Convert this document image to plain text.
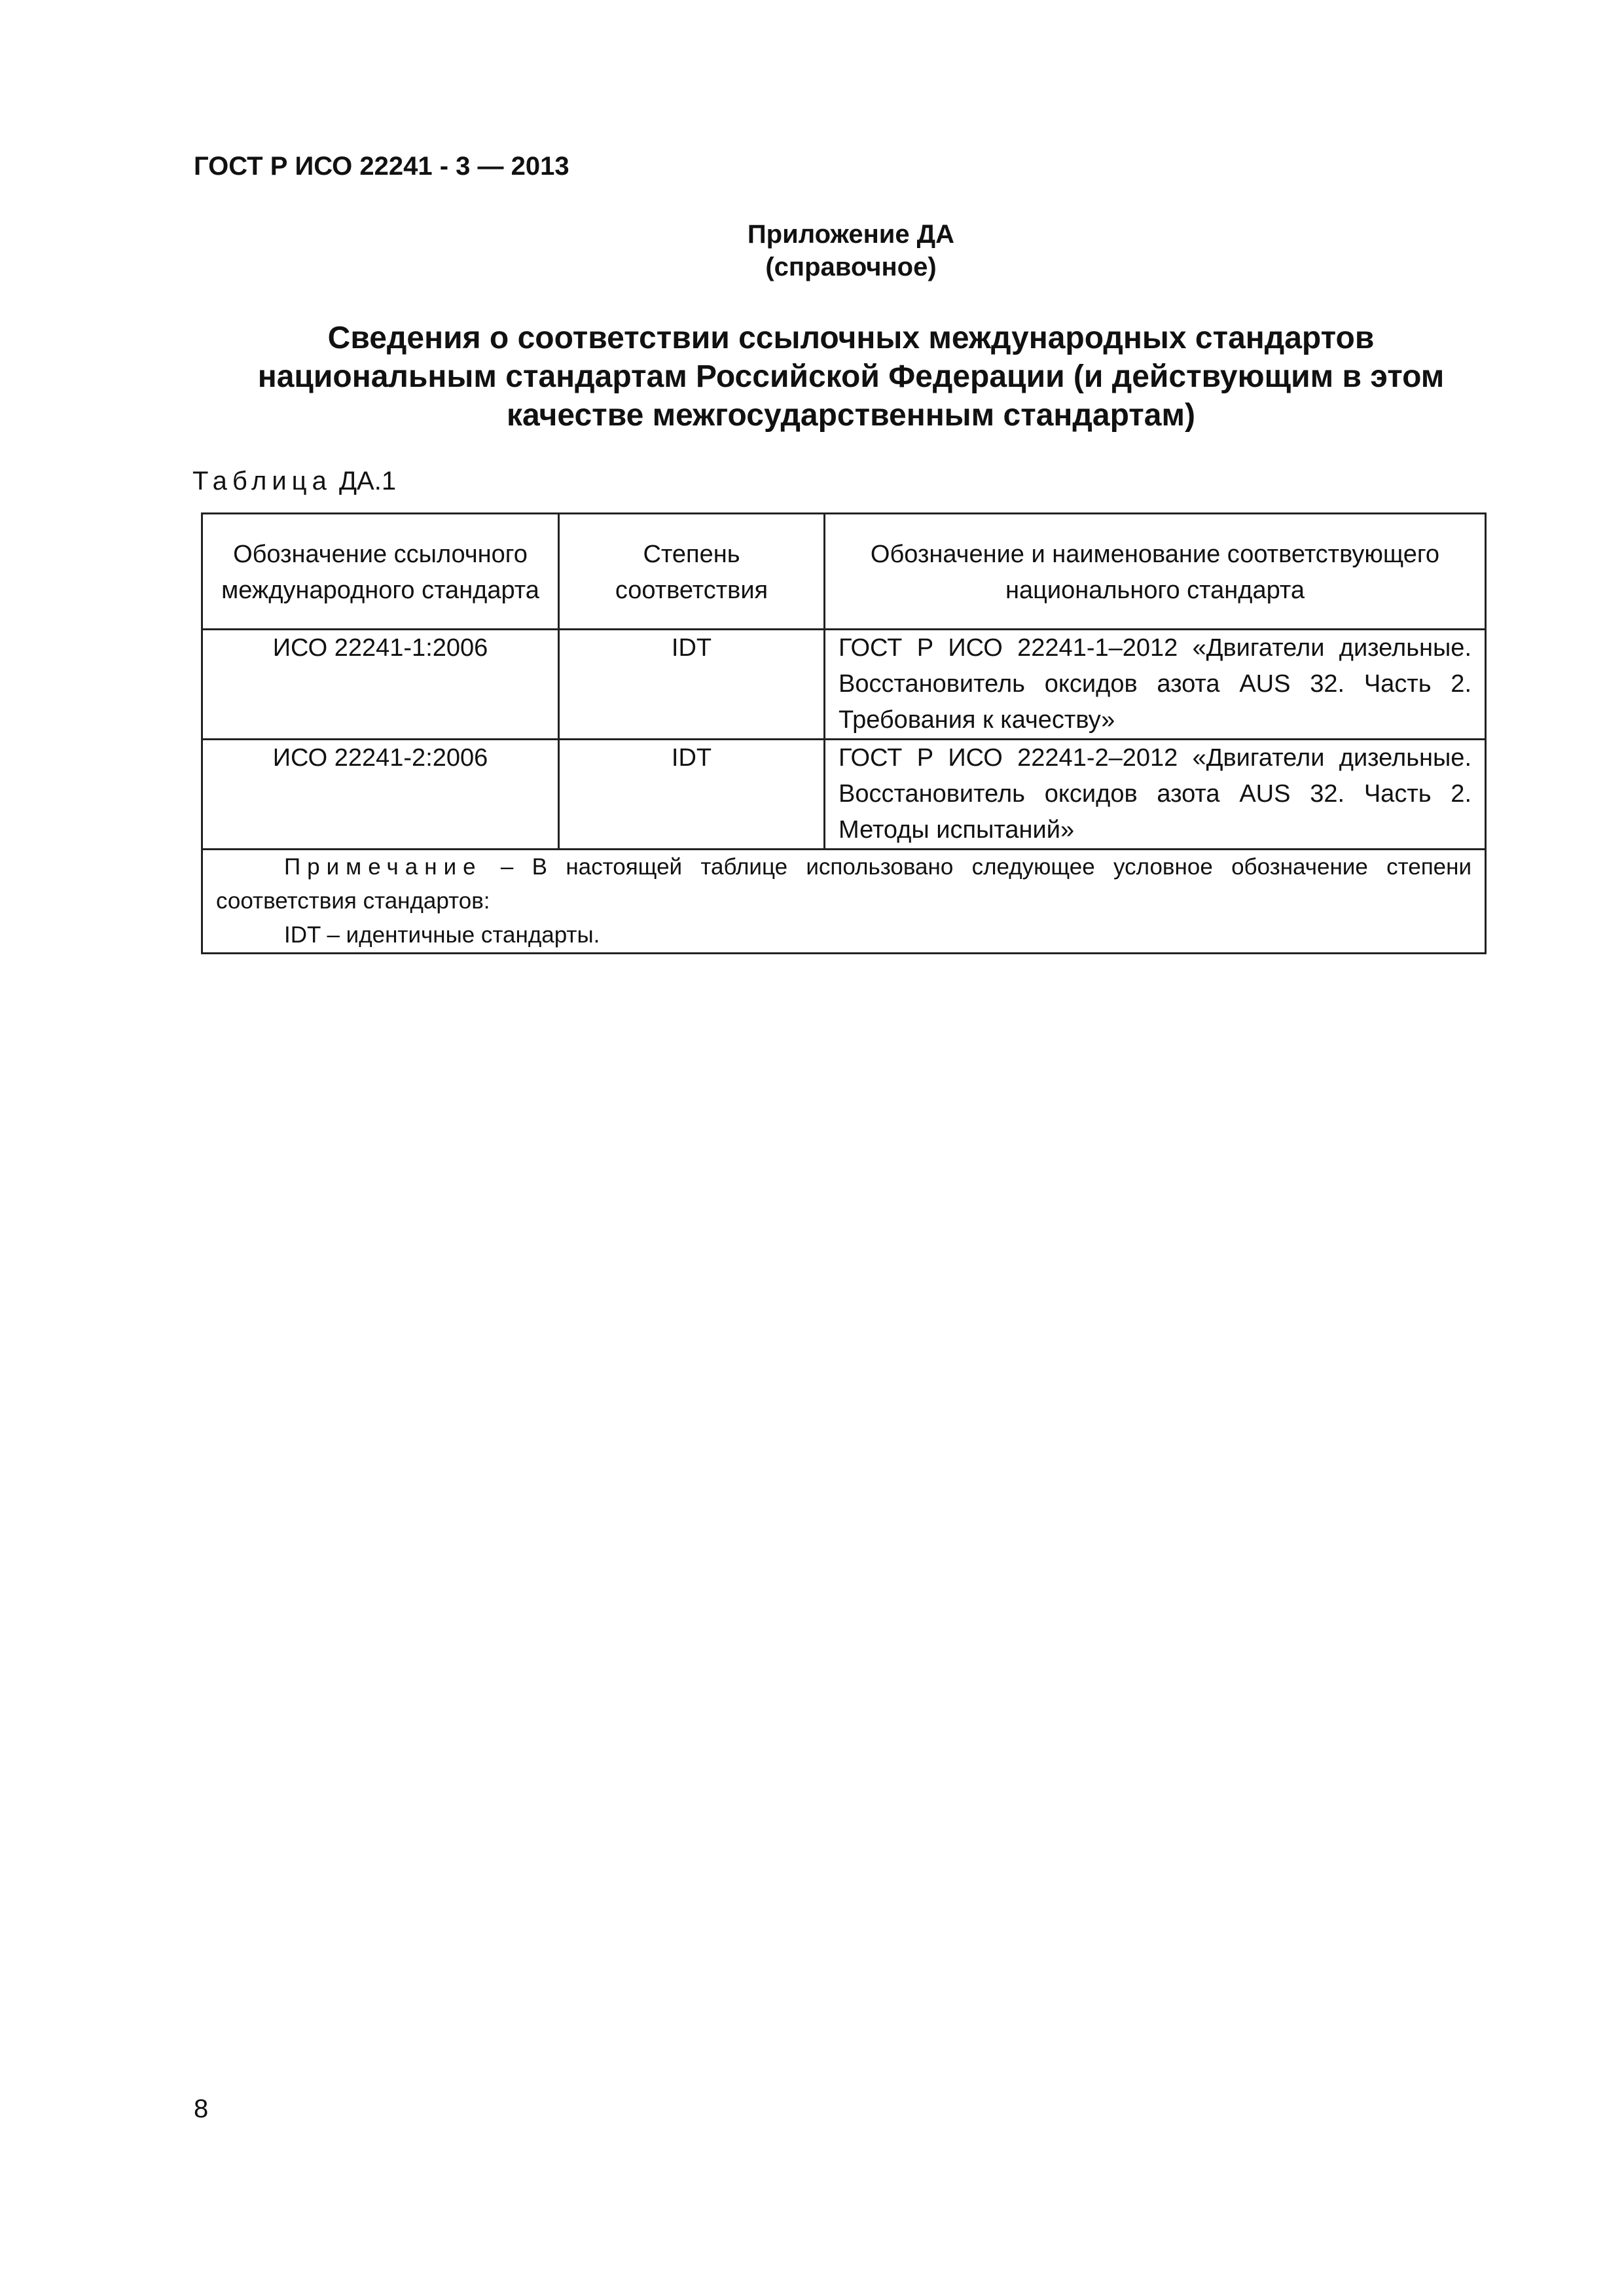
ГОСТ Р ИСО 22241 - 3 — 2013
Приложение ДА
(справочное)
Сведения о соответствии ссылочных международных стандартов
национальным стандартам Российской Федерации (и действующим в этом
качестве межгосударственным стандартам)
Таблица ДА.1
Обозначение ссылочного международного стандарта	Степень соответствия	Обозначение и наименование соответствующего национального стандарта
ИСО 22241-1:2006	IDT	ГОСТ Р ИСО 22241-1–2012 «Двигатели дизельные. Восстановитель оксидов азота AUS 32. Часть 2. Требования к качеству»
ИСО 22241-2:2006	IDT	ГОСТ Р ИСО 22241-2–2012 «Двигатели дизельные. Восстановитель оксидов азота AUS 32. Часть 2. Методы испытаний»

Примечание – В настоящей таблице использовано следующее условное обозначение степени соответствия стандартов:
IDT – идентичные стандарты.		
8
